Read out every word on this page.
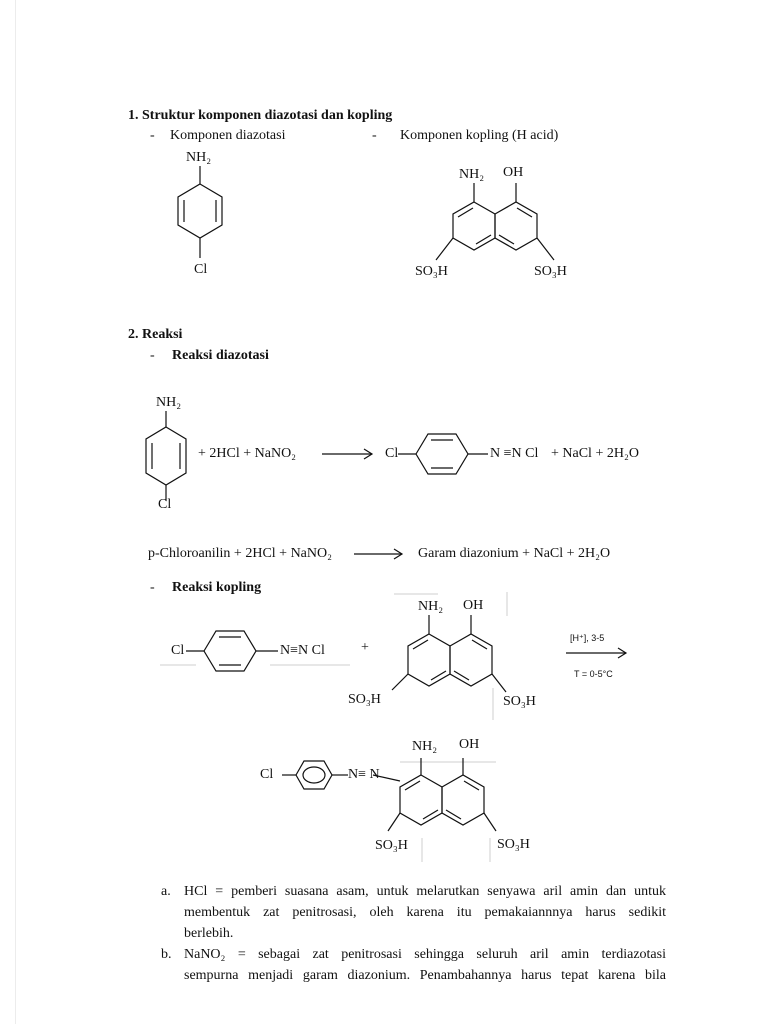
1. Struktur komponen diazotasi dan kopling
- Komponen diazotasi	- Komponen kopling (H acid)
NH₂
Cl
NH₂ OH
SO₃H	SO₃H
2. Reaksi
- Reaksi diazotasi
NH₂
Cl
+ 2HCl + NaNO₂ → Cl	N ≡N Cl + NaCl + 2H₂O
p-Chloroanilin + 2HCl + NaNO₂	Garam diazonium + NaCl + 2H₂O
- Reaksi kopling
Cl	N≡N Cl	+
NH₂ OH
SO₃H	SO₃H
[H⁺], 3-5
T = 0-5°C
Cl	N≡ N
NH₂ OH
SO₃H	SO₃H
a. HCl = pemberi suasana asam, untuk melarutkan senyawa aril amin dan untuk
membentuk zat penitrosasi, oleh karena itu pemakaiannnya harus sedikit
berlebih.
b. NaNO₂ = sebagai zat penitrosasi sehingga seluruh aril amin terdiazotasi
sempurna menjadi garam diazonium. Penambahannya harus tepat karena bila
